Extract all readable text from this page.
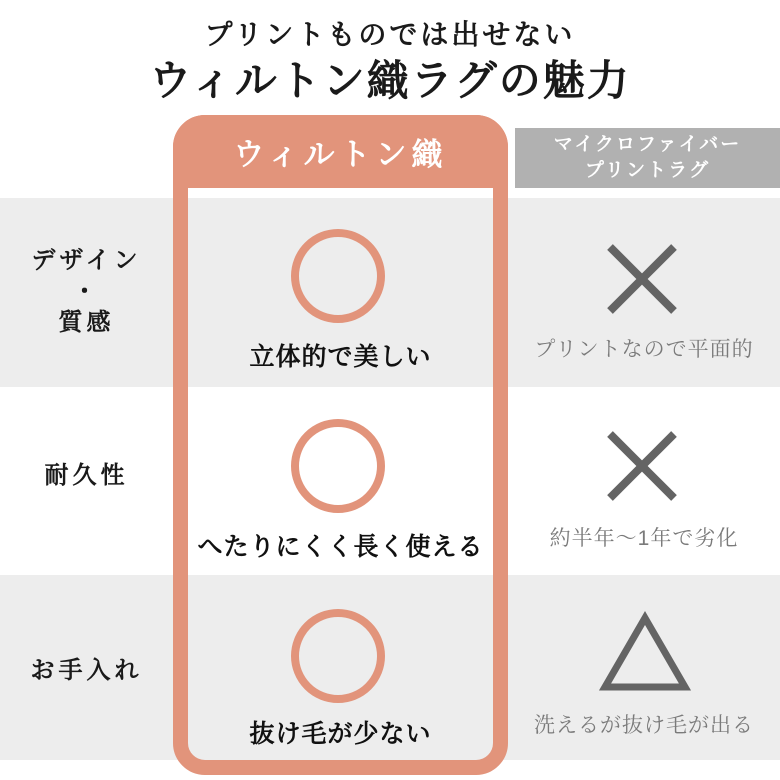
プリントものでは出せない
ウィルトン織ラグの魅力
マイクロファイバー
プリントラグ
ウィルトン織
デザイン
・
質感
耐久性
お手入れ
立体的で美しい
へたりにくく長く使える
抜け毛が少ない
プリントなので平面的
約半年〜1年で劣化
洗えるが抜け毛が出る
